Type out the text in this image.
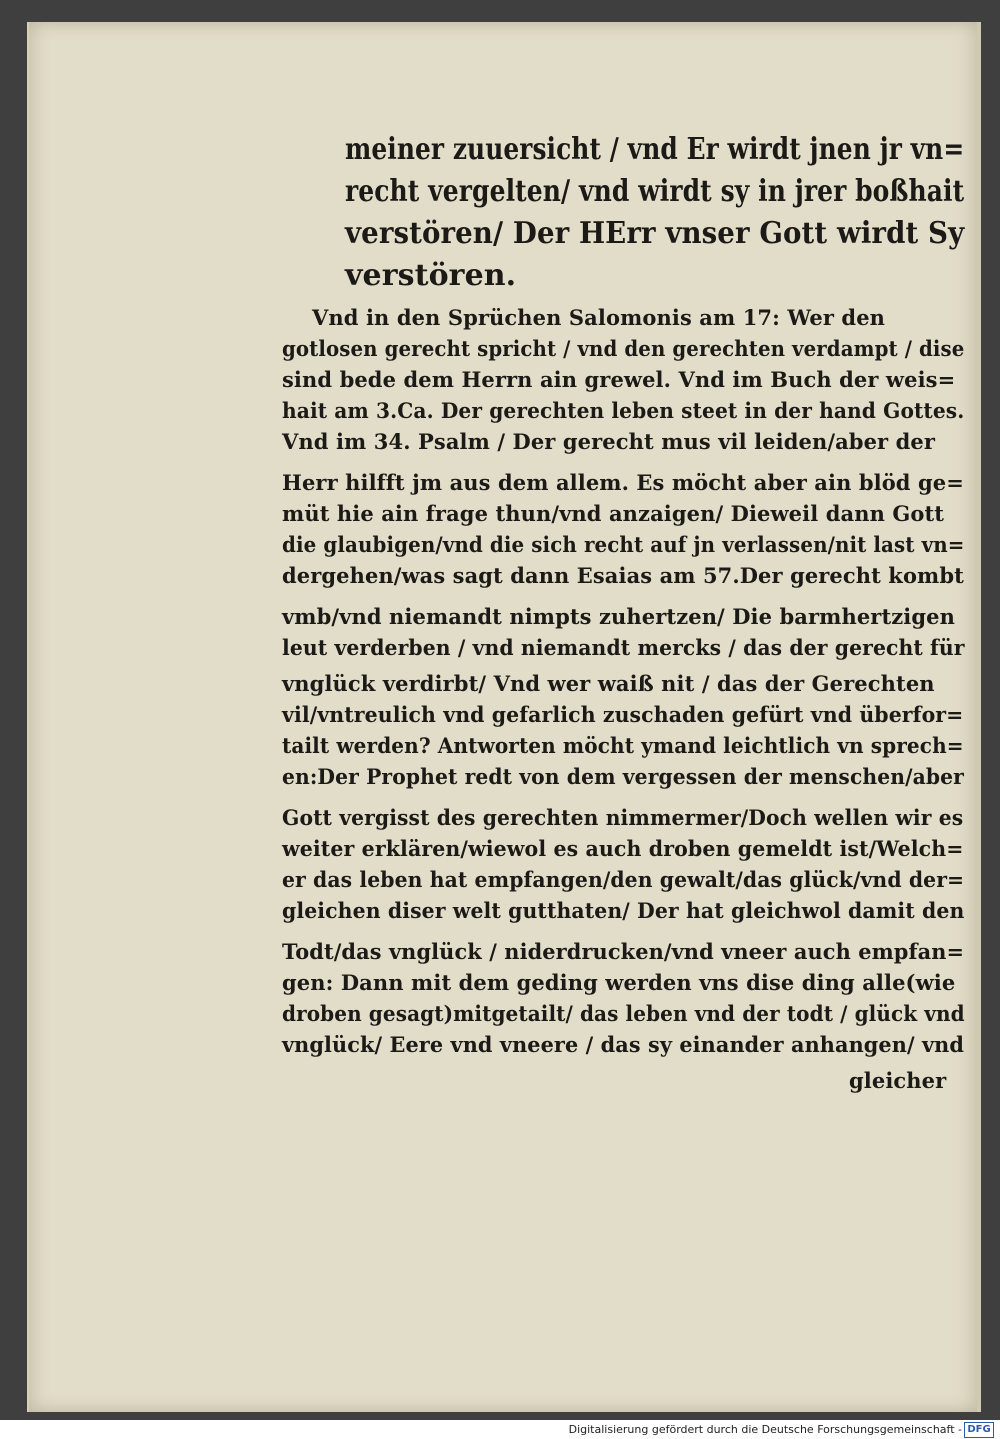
meiner zuuersicht / vnd Er wirdt jnen jr vn=
recht vergelten/ vnd wirdt sy in jrer boßhait
verstören/ Der HErr vnser Gott wirdt Sy
verstören.
Vnd in den Sprüchen Salomonis am 17: Wer den
gotlosen gerecht spricht / vnd den gerechten verdampt / dise
sind bede dem Herrn ain grewel. Vnd im Buch der weis=
hait am 3.Ca. Der gerechten leben steet in der hand Gottes.
Vnd im 34. Psalm / Der gerecht mus vil leiden/aber der
Herr hilfft jm aus dem allem. Es möcht aber ain blöd ge=
müt hie ain frage thun/vnd anzaigen/ Dieweil dann Gott
die glaubigen/vnd die sich recht auf jn verlassen/nit last vn=
dergehen/was sagt dann Esaias am 57.Der gerecht kombt
vmb/vnd niemandt nimpts zuhertzen/ Die barmhertzigen
leut verderben / vnd niemandt mercks / das der gerecht für
vnglück verdirbt/ Vnd wer waiß nit / das der Gerechten
vil/vntreulich vnd gefarlich zuschaden gefürt vnd überfor=
tailt werden? Antworten möcht ymand leichtlich vn sprech=
en:Der Prophet redt von dem vergessen der menschen/aber
Gott vergisst des gerechten nimmermer/Doch wellen wir es
weiter erklären/wiewol es auch droben gemeldt ist/Welch=
er das leben hat empfangen/den gewalt/das glück/vnd der=
gleichen diser welt gutthaten/ Der hat gleichwol damit den
Todt/das vnglück / niderdrucken/vnd vneer auch empfan=
gen: Dann mit dem geding werden vns dise ding alle(wie
droben gesagt)mitgetailt/ das leben vnd der todt / glück vnd
vnglück/ Eere vnd vneere / das sy einander anhangen/ vnd
gleicher
Digitalisierung gefördert durch die Deutsche Forschungsgemeinschaft - DFG
